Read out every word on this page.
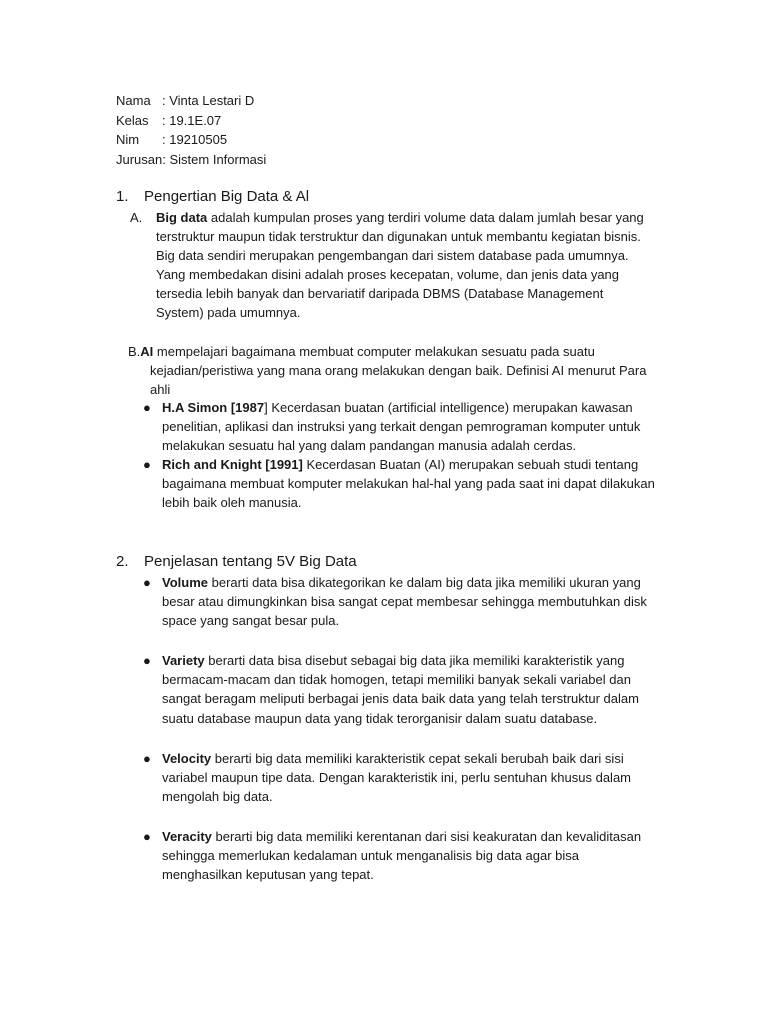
Nama : Vinta Lestari D
Kelas : 19.1E.07
Nim : 19210505
Jurusan: Sistem Informasi
1. Pengertian Big Data & Al
A. Big data adalah kumpulan proses yang terdiri volume data dalam jumlah besar yang terstruktur maupun tidak terstruktur dan digunakan untuk membantu kegiatan bisnis. Big data sendiri merupakan pengembangan dari sistem database pada umumnya. Yang membedakan disini adalah proses kecepatan, volume, dan jenis data yang tersedia lebih banyak dan bervariatif daripada DBMS (Database Management System) pada umumnya.
B.AI mempelajari bagaimana membuat computer melakukan sesuatu pada suatu
kejadian/peristiwa yang mana orang melakukan dengan baik. Definisi AI menurut Para ahli
● H.A Simon [1987] Kecerdasan buatan (artificial intelligence) merupakan kawasan penelitian, aplikasi dan instruksi yang terkait dengan pemrograman komputer untuk melakukan sesuatu hal yang dalam pandangan manusia adalah cerdas.
● Rich and Knight [1991] Kecerdasan Buatan (AI) merupakan sebuah studi tentang bagaimana membuat komputer melakukan hal-hal yang pada saat ini dapat dilakukan lebih baik oleh manusia.
2. Penjelasan tentang 5V Big Data
● Volume berarti data bisa dikategorikan ke dalam big data jika memiliki ukuran yang besar atau dimungkinkan bisa sangat cepat membesar sehingga membutuhkan disk space yang sangat besar pula.
● Variety berarti data bisa disebut sebagai big data jika memiliki karakteristik yang bermacam-macam dan tidak homogen, tetapi memiliki banyak sekali variabel dan sangat beragam meliputi berbagai jenis data baik data yang telah terstruktur dalam suatu database maupun data yang tidak terorganisir dalam suatu database.
● Velocity berarti big data memiliki karakteristik cepat sekali berubah baik dari sisi variabel maupun tipe data. Dengan karakteristik ini, perlu sentuhan khusus dalam mengolah big data.
● Veracity berarti big data memiliki kerentanan dari sisi keakuratan dan kevaliditasan sehingga memerlukan kedalaman untuk menganalisis big data agar bisa menghasilkan keputusan yang tepat.
